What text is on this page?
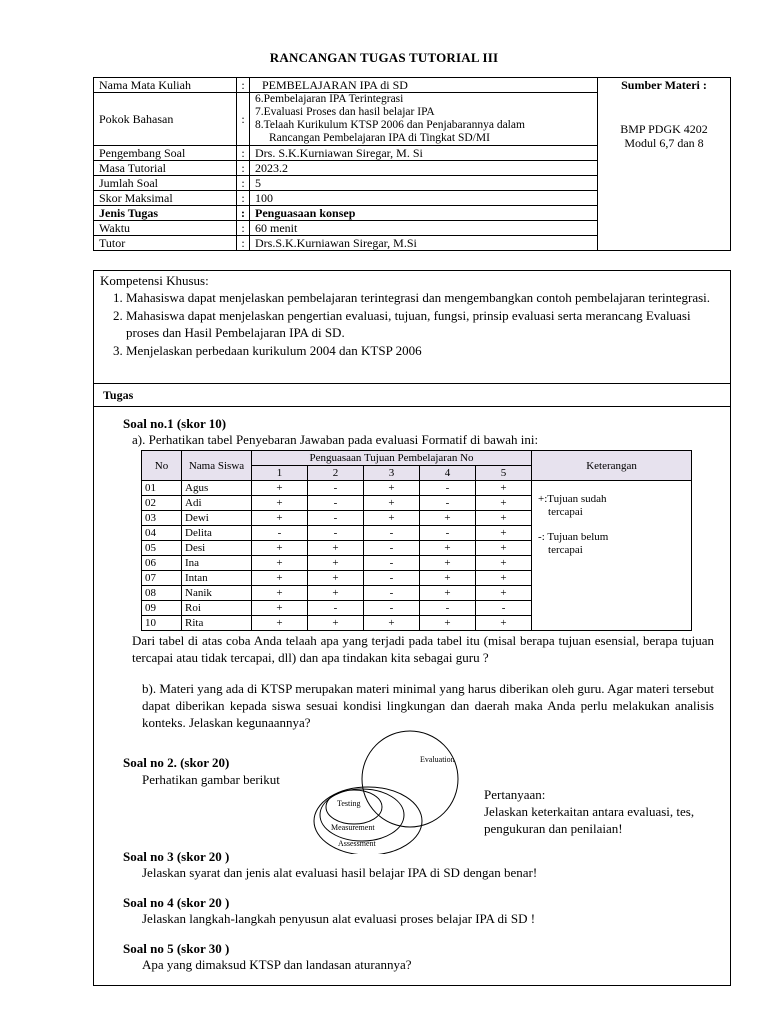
RANCANGAN TUGAS TUTORIAL III
Nama Mata Kuliah	:	PEMBELAJARAN IPA di SD	Sumber Materi :
BMP PDGK 4202
Modul 6,7 dan 8

Pokok Bahasan	:	6.Pembelajaran IPA Terintegrasi
7.Evaluasi Proses dan hasil belajar IPA
8.Telaah Kurikulum KTSP 2006 dan Penjabarannya dalam
Rancangan Pembelajaran IPA di Tingkat SD/MI	

Pengembang Soal	:	Drs. S.K.Kurniawan Siregar, M. Si	
Masa Tutorial	:	2023.2	
Jumlah Soal	:	5	
Skor Maksimal	:	100	
Jenis Tugas	:	Penguasaan konsep	
Waktu	:	60 menit	
Tutor	:	Drs.S.K.Kurniawan Siregar, M.Si	
Kompetensi Khusus:
1. Mahasiswa dapat menjelaskan pembelajaran terintegrasi dan mengembangkan contoh pembelajaran terintegrasi.
2. Mahasiswa dapat menjelaskan pengertian evaluasi, tujuan, fungsi, prinsip evaluasi serta merancang Evaluasi proses dan Hasil Pembelajaran IPA di SD.
3. Menjelaskan perbedaan kurikulum 2004 dan KTSP 2006
Tugas
Soal no.1 (skor 10)
a). Perhatikan tabel Penyebaran Jawaban pada evaluasi Formatif di bawah ini:
No	Nama Siswa	Penguasaan Tujuan Pembelajaran No					Keterangan
		1	2	3	4	5	
01	Agus	+	-	+	-	+	+:Tujuan sudah
tercapai
-: Tujuan belum
tercapai

02	Adi	+	-	+	-	+	
03	Dewi	+	-	+	+	+	
04	Delita	-	-	-	-	+	
05	Desi	+	+	-	+	+	
06	Ina	+	+	-	+	+	
07	Intan	+	+	-	+	+	
08	Nanik	+	+	-	+	+	
09	Roi	+	-	-	-	-	
10	Rita	+	+	+	+	+	
Dari tabel di atas coba Anda telaah apa yang terjadi pada tabel itu (misal berapa tujuan esensial, berapa tujuan tercapai atau tidak tercapai, dll) dan apa tindakan kita sebagai guru ?
b). Materi yang ada di KTSP merupakan materi minimal yang harus diberikan oleh guru. Agar materi tersebut dapat diberikan kepada siswa sesuai kondisi lingkungan dan daerah maka Anda perlu melakukan analisis konteks. Jelaskan kegunaannya?
Soal no 2. (skor 20)
Perhatikan gambar berikut
Evaluation
Testing
Measurement
Assessment
Pertanyaan:
Jelaskan keterkaitan antara evaluasi, tes, pengukuran dan penilaian!
Soal no 3 (skor 20 )
Jelaskan syarat dan jenis alat evaluasi hasil belajar IPA di SD dengan benar!
Soal no 4 (skor 20 )
Jelaskan langkah-langkah penyusun alat evaluasi proses belajar IPA di SD !
Soal no 5 (skor 30 )
Apa yang dimaksud KTSP dan landasan aturannya?
